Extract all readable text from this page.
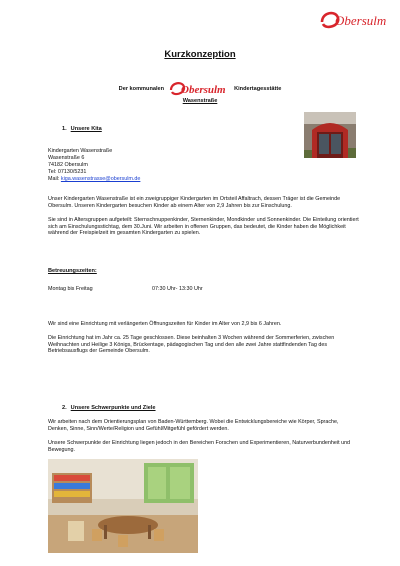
Obersulm
Kurzkonzeption
Der kommunalen Obersulm Kindertagesstätte
Wasenstraße
1. Unsere Kita
Kindergarten Wasenstraße
Wasenstraße 6
74182 Obersulm
Tel: 07130/5231
Mail: kiga.wasenstrasse@obersulm.de
Unser Kindergarten Wasenstraße ist ein zweigruppiger Kindergarten im Ortsteil Affaltrach, dessen Träger ist die Gemeinde Obersulm. Unseren Kindergarten besuchen Kinder ab einem Alter von 2,9 Jahren bis zur Einschulung.
Sie sind in Altersgruppen aufgeteilt: Sternschnuppenkinder, Sternenkinder, Mondkinder und Sonnenkinder. Die Einteilung orientiert sich am Einschulungsstichtag, dem 30.Juni. Wir arbeiten in offenen Gruppen, das bedeutet, die Kinder haben die Möglichkeit während der Freispielzeit im gesamten Kindergarten zu spielen.
Betreuungszeiten:
Montag bis Freitag	07:30 Uhr- 13:30 Uhr
Wir sind eine Einrichtung mit verlängerten Öffnungszeiten für Kinder im Alter von 2,9 bis 6 Jahren.
Die Einrichtung hat im Jahr ca. 25 Tage geschlossen. Diese beinhalten 3 Wochen während der Sommerferien, zwischen Weihnachten und Heilige 3 Königs, Brückentage, pädagogischen Tag und den alle zwei Jahre stattfindenden Tag des Betriebsausflugs der Gemeinde Obersulm.
2. Unsere Schwerpunkte und Ziele
Wir arbeiten nach dem Orientierungsplan von Baden-Württemberg. Wobei die Entwicklungsbereiche wie Körper, Sprache, Denken, Sinne, Sinn/Werte/Religion und Gefühl/Mitgefühl gefördert werden.
Unsere Schwerpunkte der Einrichtung liegen jedoch in den Bereichen Forschen und Experimentieren, Naturverbundenheit und Bewegung.
